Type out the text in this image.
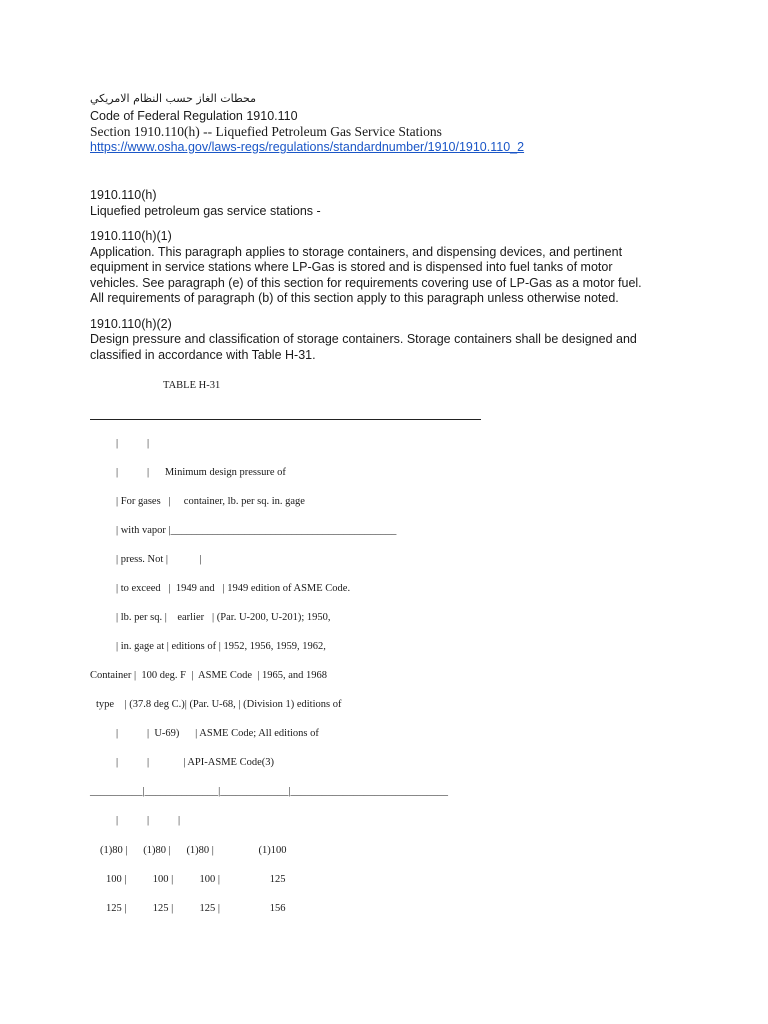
محطات الغاز حسب النظام الامريكي
Code of Federal Regulation 1910.110
Section 1910.110(h) -- Liquefied Petroleum Gas Service Stations
https://www.osha.gov/laws-regs/regulations/standardnumber/1910/1910.110_2
1910.110(h)
Liquefied petroleum gas service stations -
1910.110(h)(1)
Application. This paragraph applies to storage containers, and dispensing devices, and pertinent
equipment in service stations where LP-Gas is stored and is dispensed into fuel tanks of motor
vehicles. See paragraph (e) of this section for requirements covering use of LP-Gas as a motor fuel.
All requirements of paragraph (b) of this section apply to this paragraph unless otherwise noted.
1910.110(h)(2)
Design pressure and classification of storage containers. Storage containers shall be designed and
classified in accordance with Table H-31.
TABLE H-31
|           |
|           |      Minimum design pressure of
| For gases   |     container, lb. per sq. in. gage
| with vapor |___________________________________________
| press. Not |            |
| to exceed   |  1949 and   | 1949 edition of ASME Code.
| lb. per sq. |    earlier   | (Par. U-200, U-201); 1950,
| in. gage at | editions of | 1952, 1956, 1959, 1962,
Container |  100 deg. F  |  ASME Code  | 1965, and 1968
type    | (37.8 deg C.)| (Par. U-68, | (Division 1) editions of
|           |  U-69)      | ASME Code; All editions of
|           |             | API-ASME Code(3)
__________|______________|_____________|______________________________
|           |           |
(1)80 |      (1)80 |      (1)80 |                 (1)100
100 |          100 |          100 |                   125
125 |          125 |          125 |                   156
